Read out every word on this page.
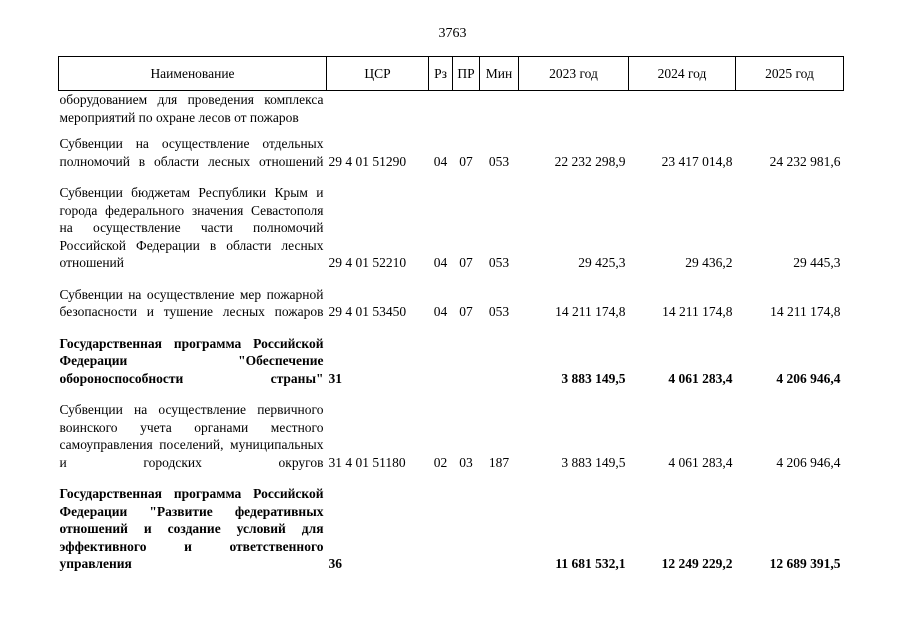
3763
Наименование	ЦСР	Рз	ПР	Мин	2023 год	2024 год	2025 год
оборудованием для проведения комплекса мероприятий по охране лесов от пожаров							
Субвенции на осуществление отдельных полномочий в области лесных отношений	29 4 01 51290	04	07	053	22 232 298,9	23 417 014,8	24 232 981,6
Субвенции бюджетам Республики Крым и города федерального значения Севастополя на осуществление части полномочий Российской Федерации в области лесных отношений	29 4 01 52210	04	07	053	29 425,3	29 436,2	29 445,3
Субвенции на осуществление мер пожарной безопасности и тушение лесных пожаров	29 4 01 53450	04	07	053	14 211 174,8	14 211 174,8	14 211 174,8
Государственная программа Российской Федерации "Обеспечение обороноспособности страны"	31				3 883 149,5	4 061 283,4	4 206 946,4
Субвенции на осуществление первичного воинского учета органами местного самоуправления поселений, муниципальных и городских округов	31 4 01 51180	02	03	187	3 883 149,5	4 061 283,4	4 206 946,4
Государственная программа Российской Федерации "Развитие федеративных отношений и создание условий для эффективного и ответственного управления	36				11 681 532,1	12 249 229,2	12 689 391,5
